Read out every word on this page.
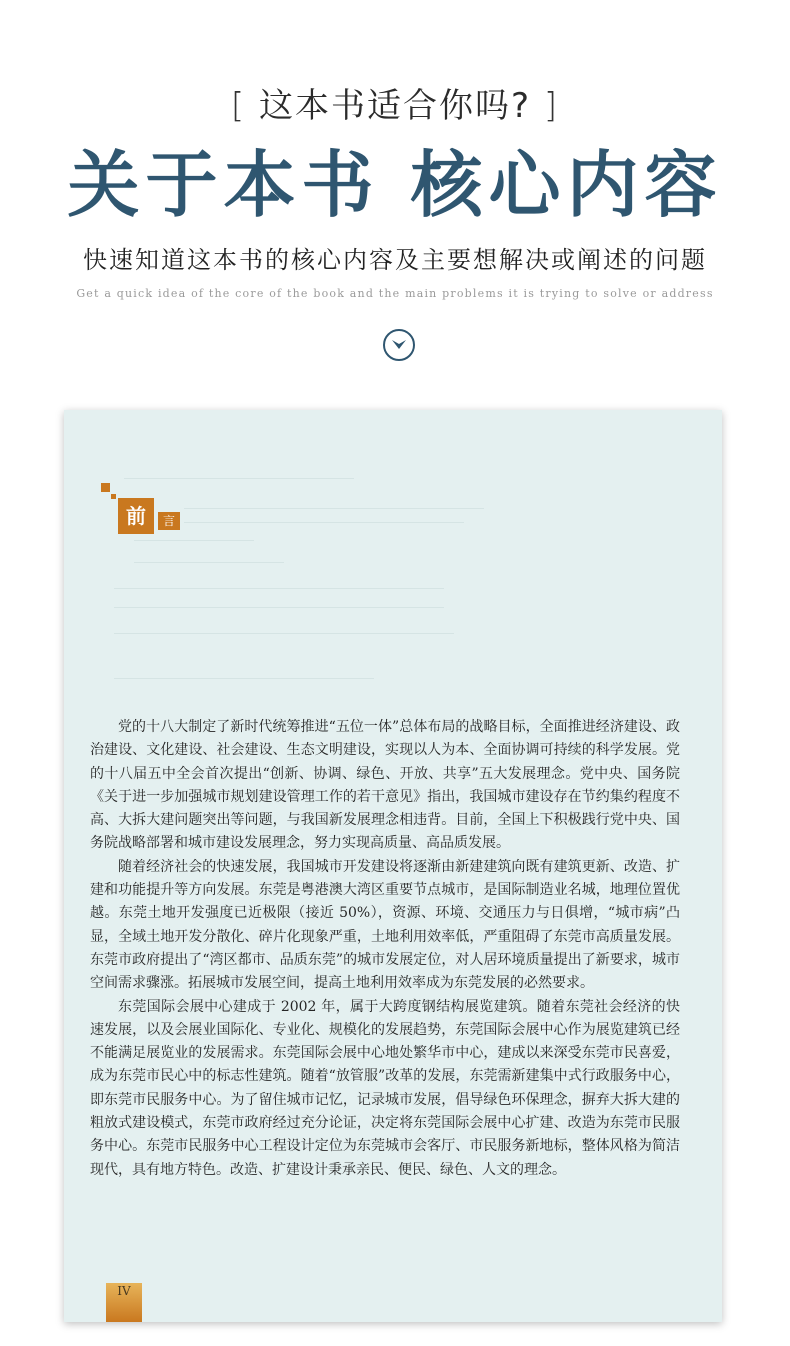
[ 这本书适合你吗? ]
关于本书 核心内容
快速知道这本书的核心内容及主要想解决或阐述的问题
Get a quick idea of the core of the book and the main problems it is trying to solve or address
前	言

党的十八大制定了新时代统筹推进“五位一体”总体布局的战略目标，全面推进经济建设、政治建设、文化建设、社会建设、生态文明建设，实现以人为本、全面协调可持续的科学发展。党的十八届五中全会首次提出“创新、协调、绿色、开放、共享”五大发展理念。党中央、国务院《关于进一步加强城市规划建设管理工作的若干意见》指出，我国城市建设存在节约集约程度不高、大拆大建问题突出等问题，与我国新发展理念相违背。目前，全国上下积极践行党中央、国务院战略部署和城市建设发展理念，努力实现高质量、高品质发展。

随着经济社会的快速发展，我国城市开发建设将逐渐由新建建筑向既有建筑更新、改造、扩建和功能提升等方向发展。东莞是粤港澳大湾区重要节点城市，是国际制造业名城，地理位置优越。东莞土地开发强度已近极限（接近 50%），资源、环境、交通压力与日俱增，“城市病”凸显，全域土地开发分散化、碎片化现象严重，土地利用效率低，严重阻碍了东莞市高质量发展。东莞市政府提出了“湾区都市、品质东莞”的城市发展定位，对人居环境质量提出了新要求，城市空间需求骤涨。拓展城市发展空间，提高土地利用效率成为东莞发展的必然要求。

东莞国际会展中心建成于 2002 年，属于大跨度钢结构展览建筑。随着东莞社会经济的快速发展，以及会展业国际化、专业化、规模化的发展趋势，东莞国际会展中心作为展览建筑已经不能满足展览业的发展需求。东莞国际会展中心地处繁华市中心，建成以来深受东莞市民喜爱，成为东莞市民心中的标志性建筑。随着“放管服”改革的发展，东莞需新建集中式行政服务中心，即东莞市民服务中心。为了留住城市记忆，记录城市发展，倡导绿色环保理念，摒弃大拆大建的粗放式建设模式，东莞市政府经过充分论证，决定将东莞国际会展中心扩建、改造为东莞市民服务中心。东莞市民服务中心工程设计定位为东莞城市会客厅、市民服务新地标，整体风格为简洁现代，具有地方特色。改造、扩建设计秉承亲民、便民、绿色、人文的理念。

IV
